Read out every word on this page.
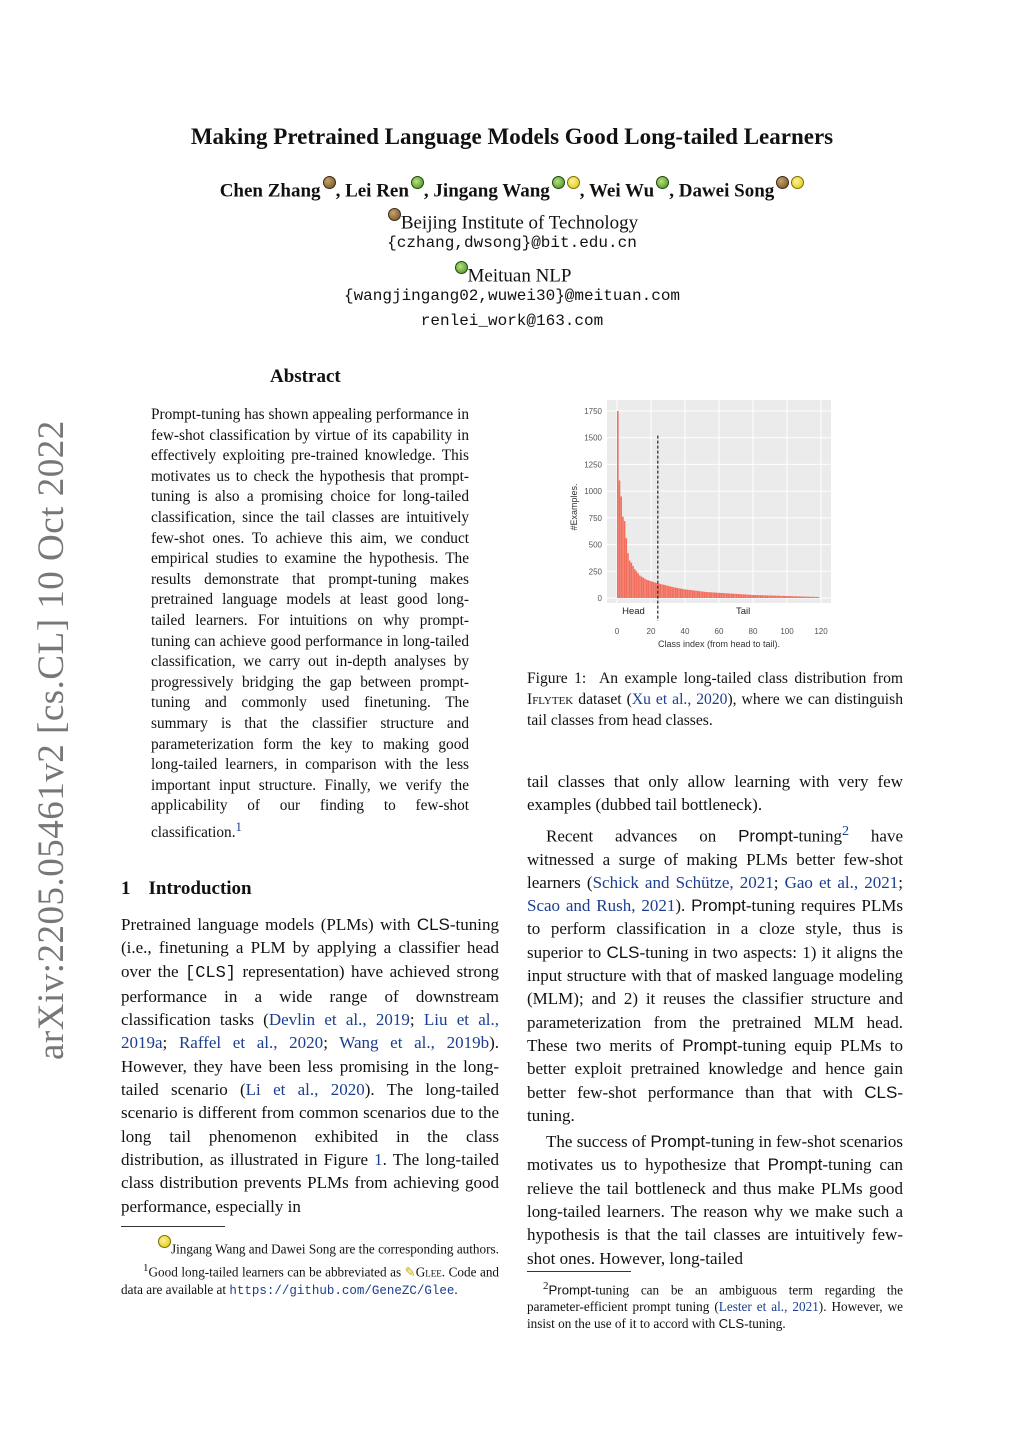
arXiv:2205.05461v2 [cs.CL] 10 Oct 2022
Making Pretrained Language Models Good Long-tailed Learners
Chen Zhang , Lei Ren , Jingang Wang , Wei Wu , Dawei Song
Beijing Institute of Technology
{czhang,dwsong}@bit.edu.cn
Meituan NLP
{wangjingang02,wuwei30}@meituan.com
renlei_work@163.com
Abstract
Prompt-tuning has shown appealing performance in few-shot classification by virtue of its capability in effectively exploiting pre-trained knowledge. This motivates us to check the hypothesis that prompt-tuning is also a promising choice for long-tailed classification, since the tail classes are intuitively few-shot ones. To achieve this aim, we conduct empirical studies to examine the hypothesis. The results demonstrate that prompt-tuning makes pretrained language models at least good long-tailed learners. For intuitions on why prompt-tuning can achieve good performance in long-tailed classification, we carry out in-depth analyses by progressively bridging the gap between prompt-tuning and commonly used finetuning. The summary is that the classifier structure and parameterization form the key to making good long-tailed learners, in comparison with the less important input structure. Finally, we verify the applicability of our finding to few-shot classification.$^1$
1 Introduction
Pretrained language models (PLMs) with CLS-tuning (i.e., finetuning a PLM by applying a classifier head over the [CLS] representation) have achieved strong performance in a wide range of downstream classification tasks (Devlin et al., 2019; Liu et al., 2019a; Raffel et al., 2020; Wang et al., 2019b). However, they have been less promising in the long-tailed scenario (Li et al., 2020). The long-tailed scenario is different from common scenarios due to the long tail phenomenon exhibited in the class distribution, as illustrated in Figure 1. The long-tailed class distribution prevents PLMs from achieving good performance, especially in
Jingang Wang and Dawei Song are the corresponding authors.
$^1$Good long-tailed learners can be abbreviated as ✎Glee. Code and data are available at https://github.com/GeneZC/Glee.
0
250
500
750
1000
1250
1500
1750
0	20	40	60	80	100	120
Head	Tail
Class index (from head to tail).
#Examples.
Figure 1: An example long-tailed class distribution from Iflytek dataset (Xu et al., 2020), where we can distinguish tail classes from head classes.

tail classes that only allow learning with very few examples (dubbed tail bottleneck).

Recent advances on Prompt-tuning$^2$ have witnessed a surge of making PLMs better few-shot learners (Schick and Schütze, 2021; Gao et al., 2021; Scao and Rush, 2021). Prompt-tuning requires PLMs to perform classification in a cloze style, thus is superior to CLS-tuning in two aspects: 1) it aligns the input structure with that of masked language modeling (MLM); and 2) it reuses the classifier structure and parameterization from the pretrained MLM head. These two merits of Prompt-tuning equip PLMs to better exploit pretrained knowledge and hence gain better few-shot performance than that with CLS-tuning.

The success of Prompt-tuning in few-shot scenarios motivates us to hypothesize that Prompt-tuning can relieve the tail bottleneck and thus make PLMs good long-tailed learners. The reason why we make such a hypothesis is that the tail classes are intuitively few-shot ones. However, long-tailed

$^2$Prompt-tuning can be an ambiguous term regarding the parameter-efficient prompt tuning (Lester et al., 2021). However, we insist on the use of it to accord with CLS-tuning.
